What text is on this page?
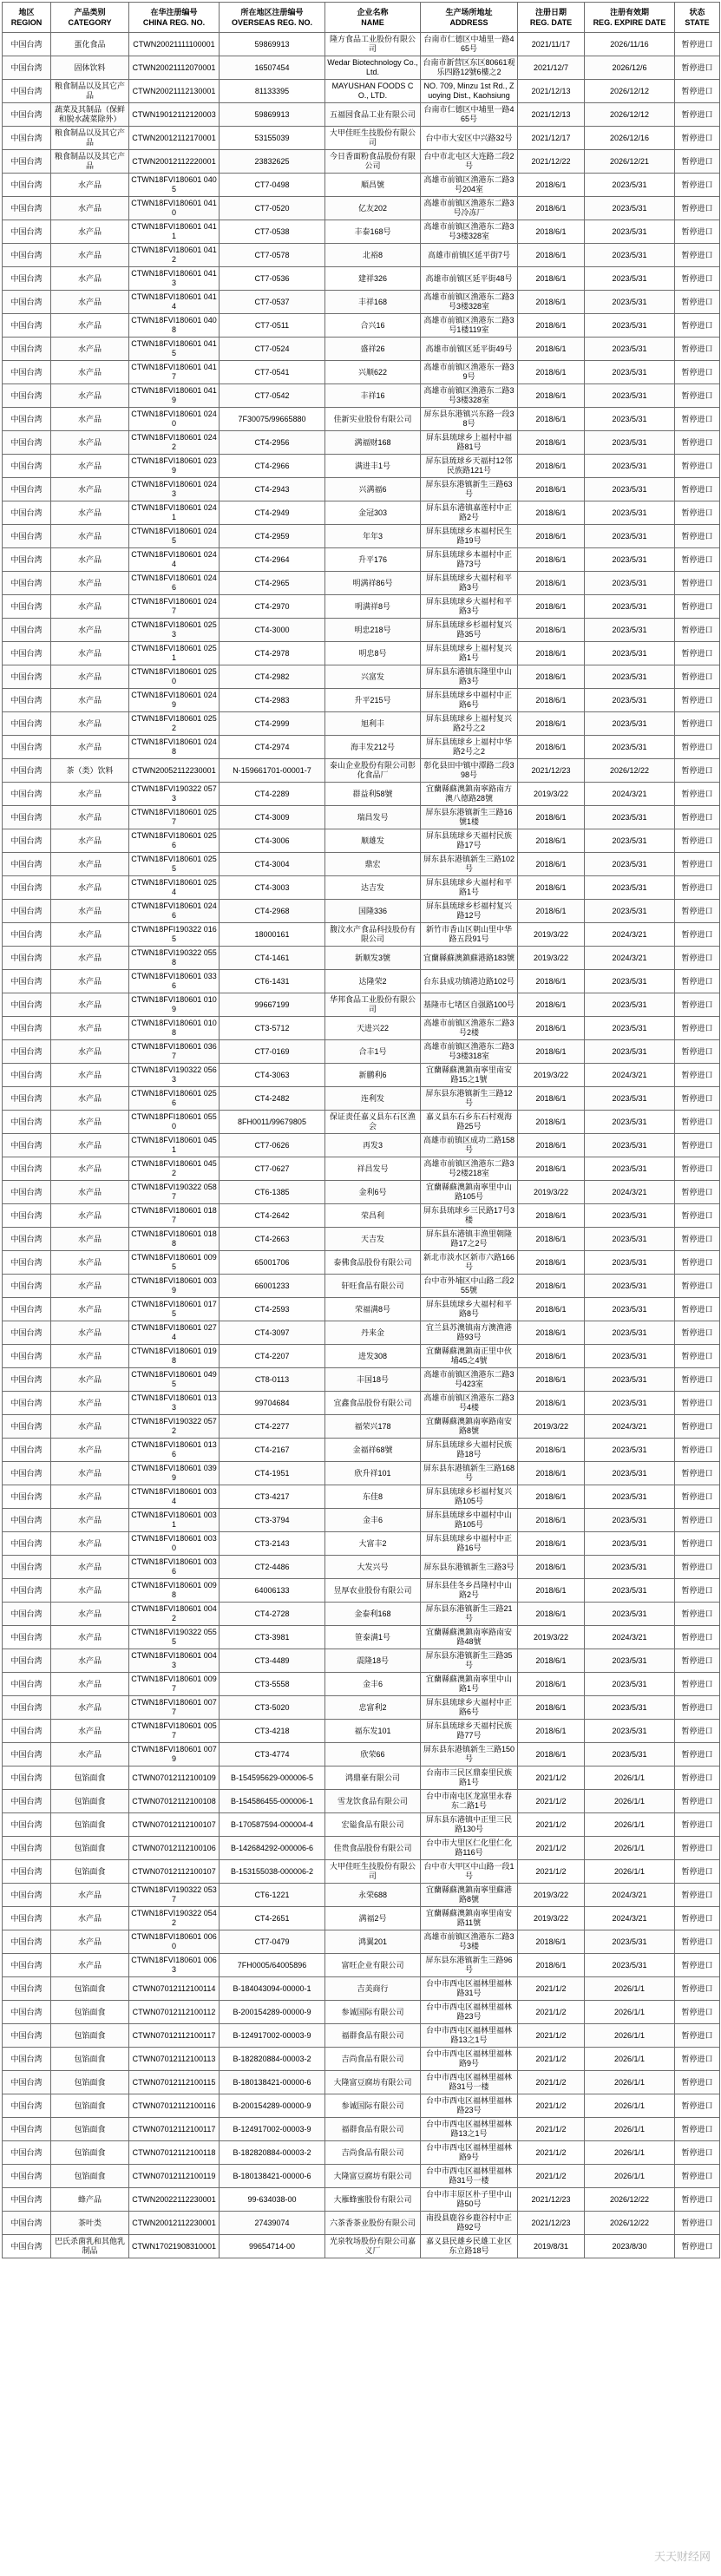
地区
REGION	产品类别
CATEGORY	在华注册编号
CHINA REG. NO.	所在地区注册编号
OVERSEAS REG. NO.	企业名称
NAME	生产场所地址
ADDRESS	注册日期
REG. DATE	注册有效期
REG. EXPIRE DATE	状态
STATE

中国台湾	蛋化食品	CTWN20021111100001	59869913	隆方食品工业股份有限公司	台南市仁德区中埔里一路465号	2021/11/17	2026/11/16	暂停进口
中国台湾	固体饮料	CTWN20021112070001	16507454	Wedar Biotechnology Co., Ltd.	台南市新营区东区80661观乐四路12號6樓之2	2021/12/7	2026/12/6	暂停进口
中国台湾	粮食制品以及其它产品	CTWN20021112130001	81133395	MAYUSHAN FOODS CO., LTD.	NO. 709, Minzu 1st Rd., Zuoying Dist., Kaohsiung	2021/12/13	2026/12/12	暂停进口
中国台湾	蔬菜及其制品（保鲜和脱水蔬菜除外）	CTWN19012112120003	59869913	五福园食品工业有限公司	台南市仁德区中埔里一路465号	2021/12/13	2026/12/12	暂停进口
中国台湾	粮食制品以及其它产品	CTWN20012112170001	53155039	大甲佳旺生技股份有限公司	台中市大安区中兴路32号	2021/12/17	2026/12/16	暂停进口
中国台湾	粮食制品以及其它产品	CTWN20012112220001	23832625	今日香面粉食品股份有限公司	台中市北屯区大连路二段2号	2021/12/22	2026/12/21	暂停进口
中国台湾	水产品	CTWN18FVI180601 0405	CT7-0498	順昌號	高雄市前镇区渔港东二路3号204室	2018/6/1	2023/5/31	暂停进口
中国台湾	水产品	CTWN18FVI180601 0410	CT7-0520	亿友202	高雄市前镇区渔港东二路3号冷冻厂	2018/6/1	2023/5/31	暂停进口
中国台湾	水产品	CTWN18FVI180601 0411	CT7-0538	丰泰168号	高雄市前镇区渔港东二路3号3楼328室	2018/6/1	2023/5/31	暂停进口
中国台湾	水产品	CTWN18FVI180601 0412	CT7-0578	北裕8	高雄市前镇区延平街7号	2018/6/1	2023/5/31	暂停进口
中国台湾	水产品	CTWN18FVI180601 0413	CT7-0536	建祥326	高雄市前镇区延平街48号	2018/6/1	2023/5/31	暂停进口
中国台湾	水产品	CTWN18FVI180601 0414	CT7-0537	丰祥168	高雄市前镇区渔港东二路3号3楼328室	2018/6/1	2023/5/31	暂停进口
中国台湾	水产品	CTWN18FVI180601 0408	CT7-0511	合兴16	高雄市前镇区渔港东二路3号1楼119室	2018/6/1	2023/5/31	暂停进口
中国台湾	水产品	CTWN18FVI180601 0415	CT7-0524	盛祥26	高雄市前镇区延平街49号	2018/6/1	2023/5/31	暂停进口
中国台湾	水产品	CTWN18FVI180601 0417	CT7-0541	兴顺622	高雄市前镇区渔港东一路39号	2018/6/1	2023/5/31	暂停进口
中国台湾	水产品	CTWN18FVI180601 0419	CT7-0542	丰祥16	高雄市前镇区渔港东二路3号3楼328室	2018/6/1	2023/5/31	暂停进口
中国台湾	水产品	CTWN18FVI180601 0240	7F30075/99665880	佳新实业股份有限公司	屏东县东港镇兴东路一段38号	2018/6/1	2023/5/31	暂停进口
中国台湾	水产品	CTWN18FVI180601 0242	CT4-2956	满福财168	屏东县琉球乡上福村中福路81号	2018/6/1	2023/5/31	暂停进口
中国台湾	水产品	CTWN18FVI180601 0239	CT4-2966	满进丰1号	屏东县琉球乡天福村12邻民族路121号	2018/6/1	2023/5/31	暂停进口
中国台湾	水产品	CTWN18FVI180601 0243	CT4-2943	兴满福6	屏东县东港镇新生三路63号	2018/6/1	2023/5/31	暂停进口
中国台湾	水产品	CTWN18FVI180601 0241	CT4-2949	金冠303	屏东县东港镇嘉莲村中正路2号	2018/6/1	2023/5/31	暂停进口
中国台湾	水产品	CTWN18FVI180601 0245	CT4-2959	年年3	屏东县琉球乡本福村民生路19号	2018/6/1	2023/5/31	暂停进口
中国台湾	水产品	CTWN18FVI180601 0244	CT4-2964	升平176	屏东县琉球乡本福村中正路73号	2018/6/1	2023/5/31	暂停进口
中国台湾	水产品	CTWN18FVI180601 0246	CT4-2965	明满祥86号	屏东县琉球乡大福村和平路3号	2018/6/1	2023/5/31	暂停进口
中国台湾	水产品	CTWN18FVI180601 0247	CT4-2970	明满祥8号	屏东县琉球乡大福村和平路3号	2018/6/1	2023/5/31	暂停进口
中国台湾	水产品	CTWN18FVI180601 0253	CT4-3000	明忠218号	屏东县琉球乡杉福村复兴路35号	2018/6/1	2023/5/31	暂停进口
中国台湾	水产品	CTWN18FVI180601 0251	CT4-2978	明忠8号	屏东县琉球乡上福村复兴路1号	2018/6/1	2023/5/31	暂停进口
中国台湾	水产品	CTWN18FVI180601 0250	CT4-2982	兴富发	屏东县东港镇东隆里中山路3号	2018/6/1	2023/5/31	暂停进口
中国台湾	水产品	CTWN18FVI180601 0249	CT4-2983	升平215号	屏东县琉球乡中福村中正路6号	2018/6/1	2023/5/31	暂停进口
中国台湾	水产品	CTWN18FVI180601 0252	CT4-2999	旭利丰	屏东县琉球乡上福村复兴路2号之2	2018/6/1	2023/5/31	暂停进口
中国台湾	水产品	CTWN18FVI180601 0248	CT4-2974	海丰发212号	屏东县琉球乡上福村中华路2号之2	2018/6/1	2023/5/31	暂停进口
中国台湾	茶（类）饮料	CTWN20052112230001	N-159661701-00001-7	泰山企业股份有限公司彰化食品厂	彰化县田中镇中潭路二段398号	2021/12/23	2026/12/22	暂停进口
中国台湾	水产品	CTWN18FVI190322 0573	CT4-2289	群益利58號	宜蘭縣蘇澳鎮南寧路南方澳八德路28號	2019/3/22	2024/3/21	暂停进口
中国台湾	水产品	CTWN18FVI180601 0257	CT4-3009	瑞昌发号	屏东县东港镇新生三路16號1楼	2018/6/1	2023/5/31	暂停进口
中国台湾	水产品	CTWN18FVI180601 0256	CT4-3006	顺雄发	屏东县琉球乡天福村民族路17号	2018/6/1	2023/5/31	暂停进口
中国台湾	水产品	CTWN18FVI180601 0255	CT4-3004	鼎宏	屏东县东港镇新生三路102号	2018/6/1	2023/5/31	暂停进口
中国台湾	水产品	CTWN18FVI180601 0254	CT4-3003	达吉发	屏东县琉球乡大福村和平路1号	2018/6/1	2023/5/31	暂停进口
中国台湾	水产品	CTWN18FVI180601 0246	CT4-2968	国隆336	屏东县琉球乡杉福村复兴路12号	2018/6/1	2023/5/31	暂停进口
中国台湾	水产品	CTWN18PFI190322 0165	18000161	馥汶水产食品科技股份有限公司	新竹市香山区朝山里中华路五段91号	2019/3/22	2024/3/21	暂停进口
中国台湾	水产品	CTWN18FVI190322 0558	CT4-1461	新顺发3號	宜蘭縣蘇澳鎮蘇港路183號	2019/3/22	2024/3/21	暂停进口
中国台湾	水产品	CTWN18FVI180601 0336	CT6-1431	达隆荣2	台东县成功镇港边路102号	2018/6/1	2023/5/31	暂停进口
中国台湾	水产品	CTWN18FVI180601 0109	99667199	华邦食品工业股份有限公司	基隆市七堵区自强路100号	2018/6/1	2023/5/31	暂停进口
中国台湾	水产品	CTWN18FVI180601 0108	CT3-5712	天进兴22	高雄市前镇区渔港东二路3号2楼	2018/6/1	2023/5/31	暂停进口
中国台湾	水产品	CTWN18FVI180601 0367	CT7-0169	合丰1号	高雄市前镇区渔港东二路3号3楼318室	2018/6/1	2023/5/31	暂停进口
中国台湾	水产品	CTWN18FVI190322 0563	CT4-3063	新鹏利6	宜蘭縣蘇澳鎮南寧里南安路15之1號	2019/3/22	2024/3/21	暂停进口
中国台湾	水产品	CTWN18FVI180601 0256	CT4-2482	连利发	屏东县东港镇新生三路12号	2018/6/1	2023/5/31	暂停进口
中国台湾	水产品	CTWN18PFI180601 0550	8FH0011/99679805	保证责任嘉义县东石区渔会	嘉义县东石乡东石村观海路25号	2018/6/1	2023/5/31	暂停进口
中国台湾	水产品	CTWN18FVI180601 0451	CT7-0626	再发3	高雄市前镇区成功二路158号	2018/6/1	2023/5/31	暂停进口
中国台湾	水产品	CTWN18FVI180601 0452	CT7-0627	祥昌发号	高雄市前镇区渔港东二路3号2楼218室	2018/6/1	2023/5/31	暂停进口
中国台湾	水产品	CTWN18FVI190322 0587	CT6-1385	金利6号	宜蘭縣蘇澳鎮南寧里中山路105号	2019/3/22	2024/3/21	暂停进口
中国台湾	水产品	CTWN18FVI180601 0187	CT4-2642	荣昌利	屏东县琉球乡三民路17号3楼	2018/6/1	2023/5/31	暂停进口
中国台湾	水产品	CTWN18FVI180601 0188	CT4-2663	天吉发	屏东县东港镇丰渔里朝隆路17之2号	2018/6/1	2023/5/31	暂停进口
中国台湾	水产品	CTWN18FVI180601 0095	65001706	泰佛食品股份有限公司	新北市淡水区新市六路166号	2018/6/1	2023/5/31	暂停进口
中国台湾	水产品	CTWN18FVI180601 0039	66001233	轩旺食品有限公司	台中市外埔区中山路二段255號	2018/6/1	2023/5/31	暂停进口
中国台湾	水产品	CTWN18FVI180601 0175	CT4-2593	荣福满8号	屏东县琉球乡大福村和平路8号	2018/6/1	2023/5/31	暂停进口
中国台湾	水产品	CTWN18FVI180601 0274	CT4-3097	丹来金	宜兰县苏澳镇南方澳渔港路93号	2018/6/1	2023/5/31	暂停进口
中国台湾	水产品	CTWN18FVI180601 0198	CT4-2207	进发308	宜蘭縣蘇澳鎮南正里中伙埔45之4號	2018/6/1	2023/5/31	暂停进口
中国台湾	水产品	CTWN18FVI180601 0495	CT8-0113	丰国18号	高雄市前镇区渔港东二路3号423室	2018/6/1	2023/5/31	暂停进口
中国台湾	水产品	CTWN18FVI180601 0133	99704684	宜鑫食品股份有限公司	高雄市前镇区渔港东二路3号4楼	2018/6/1	2023/5/31	暂停进口
中国台湾	水产品	CTWN18FVI190322 0572	CT4-2277	福荣兴178	宜蘭縣蘇澳鎮南寧路南安路8號	2019/3/22	2024/3/21	暂停进口
中国台湾	水产品	CTWN18FVI180601 0136	CT4-2167	金福祥68號	屏东县琉球乡大福村民族路18号	2018/6/1	2023/5/31	暂停进口
中国台湾	水产品	CTWN18FVI180601 0399	CT4-1951	欣升祥101	屏东县东港镇新生三路168号	2018/6/1	2023/5/31	暂停进口
中国台湾	水产品	CTWN18FVI180601 0034	CT3-4217	东佳8	屏东县琉球乡杉福村复兴路105号	2018/6/1	2023/5/31	暂停进口
中国台湾	水产品	CTWN18FVI180601 0031	CT3-3794	金丰6	屏东县琉球乡中福村中山路105号	2018/6/1	2023/5/31	暂停进口
中国台湾	水产品	CTWN18FVI180601 0030	CT3-2143	大富丰2	屏东县琉球乡中福村中正路16号	2018/6/1	2023/5/31	暂停进口
中国台湾	水产品	CTWN18FVI180601 0036	CT2-4486	大发兴号	屏东县东港镇新生三路3号	2018/6/1	2023/5/31	暂停进口
中国台湾	水产品	CTWN18FVI180601 0098	64006133	昱厚农业股份有限公司	屏东县佳冬乡昌隆村中山路2号	2018/6/1	2023/5/31	暂停进口
中国台湾	水产品	CTWN18FVI180601 0042	CT4-2728	金泰利168	屏东县东港镇新生三路21号	2018/6/1	2023/5/31	暂停进口
中国台湾	水产品	CTWN18FVI190322 0555	CT3-3981	笹泰满1号	宜蘭縣蘇澳鎮南寧路南安路48號	2019/3/22	2024/3/21	暂停进口
中国台湾	水产品	CTWN18FVI180601 0043	CT3-4489	震隆18号	屏东县东港镇新生三路35号	2018/6/1	2023/5/31	暂停进口
中国台湾	水产品	CTWN18FVI180601 0097	CT3-5558	金丰6	宜蘭縣蘇澳鎮南寧里中山路1号	2018/6/1	2023/5/31	暂停进口
中国台湾	水产品	CTWN18FVI180601 0077	CT3-5020	忠富利2	屏东县琉球乡大福村中正路6号	2018/6/1	2023/5/31	暂停进口
中国台湾	水产品	CTWN18FVI180601 0057	CT3-4218	福东发101	屏东县琉球乡天福村民族路77号	2018/6/1	2023/5/31	暂停进口
中国台湾	水产品	CTWN18FVI180601 0079	CT3-4774	欣荣66	屏东县东港镇新生三路150号	2018/6/1	2023/5/31	暂停进口
中国台湾	包馅面食	CTWN07012112100109	B-154595629-000006-5	鸿鼎豪有限公司	台南市三民区鼎泰里民族路1号	2021/1/2	2026/1/1	暂停进口
中国台湾	包馅面食	CTWN07012112100108	B-154586455-000006-1	雪龙饮食品有限公司	台中市南屯区龙富里永春东二路1号	2021/1/2	2026/1/1	暂停进口
中国台湾	包馅面食	CTWN07012112100107	B-170587594-000004-4	宏镒食品有限公司	屏东县东港镇中正里三民路130号	2021/1/2	2026/1/1	暂停进口
中国台湾	包馅面食	CTWN07012112100106	B-142684292-000006-6	佳贵食品股份有限公司	台中市大里区仁化里仁化路116号	2021/1/2	2026/1/1	暂停进口
中国台湾	包馅面食	CTWN07012112100107	B-153155038-000006-2	大甲佳旺生技股份有限公司	台中市大甲区中山路一段1号	2021/1/2	2026/1/1	暂停进口
中国台湾	水产品	CTWN18FVI190322 0537	CT6-1221	永荣688	宜蘭縣蘇澳鎮南寧里蘇港路8號	2019/3/22	2024/3/21	暂停进口
中国台湾	水产品	CTWN18FVI190322 0542	CT4-2651	满福2号	宜蘭縣蘇澳鎮南寧里南安路11號	2019/3/22	2024/3/21	暂停进口
中国台湾	水产品	CTWN18FVI180601 0060	CT7-0479	鸿翼201	高雄市前镇区渔港东二路3号3楼	2018/6/1	2023/5/31	暂停进口
中国台湾	水产品	CTWN18FVI180601 0063	7FH0005/64005896	富旺企业有限公司	屏东县东港镇新生三路96号	2018/6/1	2023/5/31	暂停进口
中国台湾	包馅面食	CTWN07012112100114	B-184043094-00000-1	吉美商行	台中市西屯区福林里福林路31号	2021/1/2	2026/1/1	暂停进口
中国台湾	包馅面食	CTWN07012112100112	B-200154289-00000-9	参诚国际有限公司	台中市西屯区福林里福林路23号	2021/1/2	2026/1/1	暂停进口
中国台湾	包馅面食	CTWN07012112100117	B-124917002-00003-9	福群食品有限公司	台中市西屯区福林里福林路13之1号	2021/1/2	2026/1/1	暂停进口
中国台湾	包馅面食	CTWN07012112100113	B-182820884-00003-2	吉尚食品有限公司	台中市西屯区福林里福林路9号	2021/1/2	2026/1/1	暂停进口
中国台湾	包馅面食	CTWN07012112100115	B-180138421-00000-6	大隆富豆腐坊有限公司	台中市西屯区福林里福林路31号一楼	2021/1/2	2026/1/1	暂停进口
中国台湾	包馅面食	CTWN07012112100116	B-200154289-00000-9	参诚国际有限公司	台中市西屯区福林里福林路23号	2021/1/2	2026/1/1	暂停进口
中国台湾	包馅面食	CTWN07012112100117	B-124917002-00003-9	福群食品有限公司	台中市西屯区福林里福林路13之1号	2021/1/2	2026/1/1	暂停进口
中国台湾	包馅面食	CTWN07012112100118	B-182820884-00003-2	吉尚食品有限公司	台中市西屯区福林里福林路9号	2021/1/2	2026/1/1	暂停进口
中国台湾	包馅面食	CTWN07012112100119	B-180138421-00000-6	大隆富豆腐坊有限公司	台中市西屯区福林里福林路31号一楼	2021/1/2	2026/1/1	暂停进口
中国台湾	蜂产品	CTWN20022112230001	99-634038-00	大雁蜂蜜股份有限公司	台中市丰原区朴子里中山路50号	2021/12/23	2026/12/22	暂停进口
中国台湾	茶叶类	CTWN20012112230001	27439074	六茶香茶业股份有限公司	南投县鹿谷乡鹿谷村中正路92号	2021/12/23	2026/12/22	暂停进口
中国台湾	巴氏杀菌乳和其他乳制品	CTWN17021908310001	99654714-00	光泉牧场股份有限公司嘉义厂	嘉义县民雄乡民雄工业区东立路18号	2019/8/31	2023/8/30	暂停进口
天天财经网
